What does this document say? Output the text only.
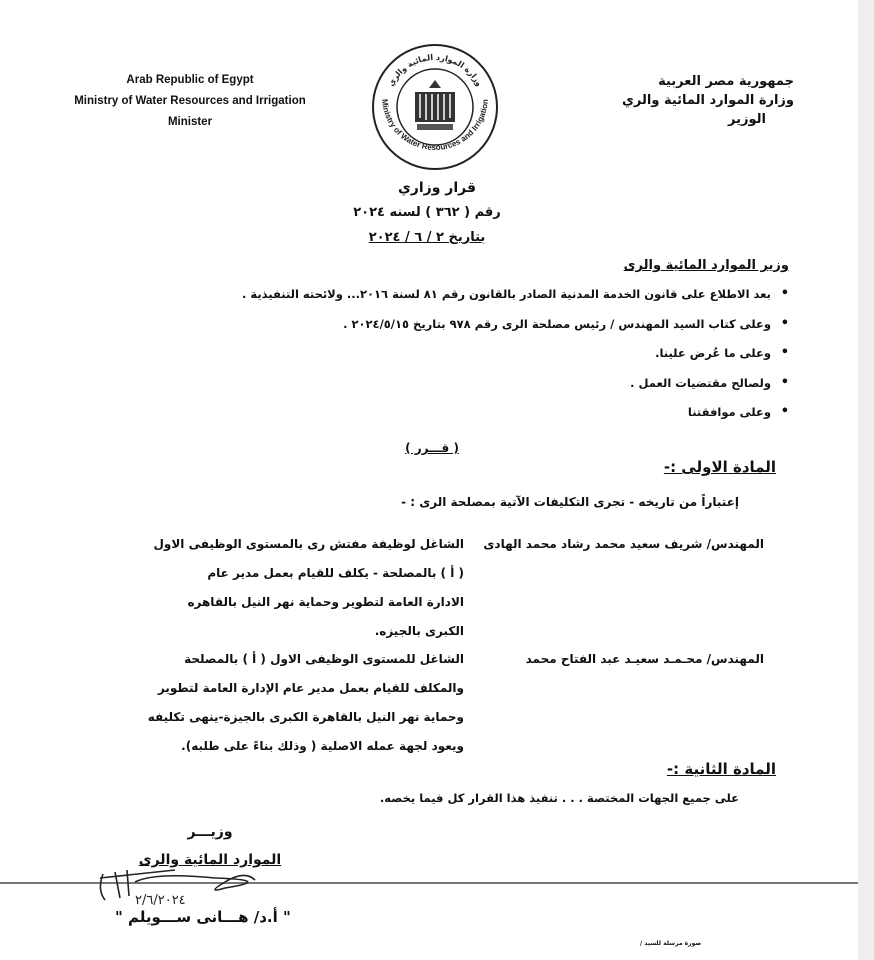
Arab Republic of Egypt
Ministry of Water Resources and Irrigation
Minister
جمهورية مصر العربية
وزارة الموارد المائية والري
الوزير
وزارة الموارد المائية والري
Ministry of Water Resources and Irrigation
قرار وزاري
رقم ( ٣٦٢ ) لسنه ٢٠٢٤
بتاريخ ٢ / ٦ / ٢٠٢٤
وزير الموارد المائية والرى
• بعد الاطلاع على قانون الخدمة المدنية الصادر بالقانون رقم ٨١ لسنة ٢٠١٦... ولائحته التنفيذية .
• وعلى كتاب السيد المهندس / رئيس مصلحة الرى رقم ٩٧٨ بتاريخ ٢٠٢٤/٥/١٥ .
• وعلى ما عُرض علينا.
• ولصالح مقتضيات العمل .
• وعلى موافقتنا
( قـــرر )
المادة الاولى :-
إعتباراً من تاريخه - تجرى التكليفات الآتية بمصلحة الرى : -
المهندس/ شريف سعيد محمد رشاد محمد الهادى
الشاغل لوظيفة مفتش رى بالمستوى الوظيفى الاول
( أ ) بالمصلحة - يكلف للقيام بعمل مدير عام
الادارة العامة لتطوير وحماية نهر النيل بالقاهره
الكبرى بالجيزه.
المهندس/ محـمـد سعيـد عبد الفتاح محمد
الشاغل للمستوى الوظيفى الاول ( أ ) بالمصلحة
والمكلف للقيام بعمل مدير عام الإدارة العامة لتطوير
وحماية نهر النيل بالقاهرة الكبرى بالجيزة-ينهى تكليفه
ويعود لجهة عمله الاصلية ( وذلك بناءً على طلبه).
المادة الثانية :-
على جميع الجهات المختصة . . . تنفيذ هذا القرار كل فيما يخصه.
وزيـــر
الموارد المائية والرى
٢/٦/٢٠٢٤
" أ.د/ هـــانى ســـويلم "
صورة مرسلة للسيد /
